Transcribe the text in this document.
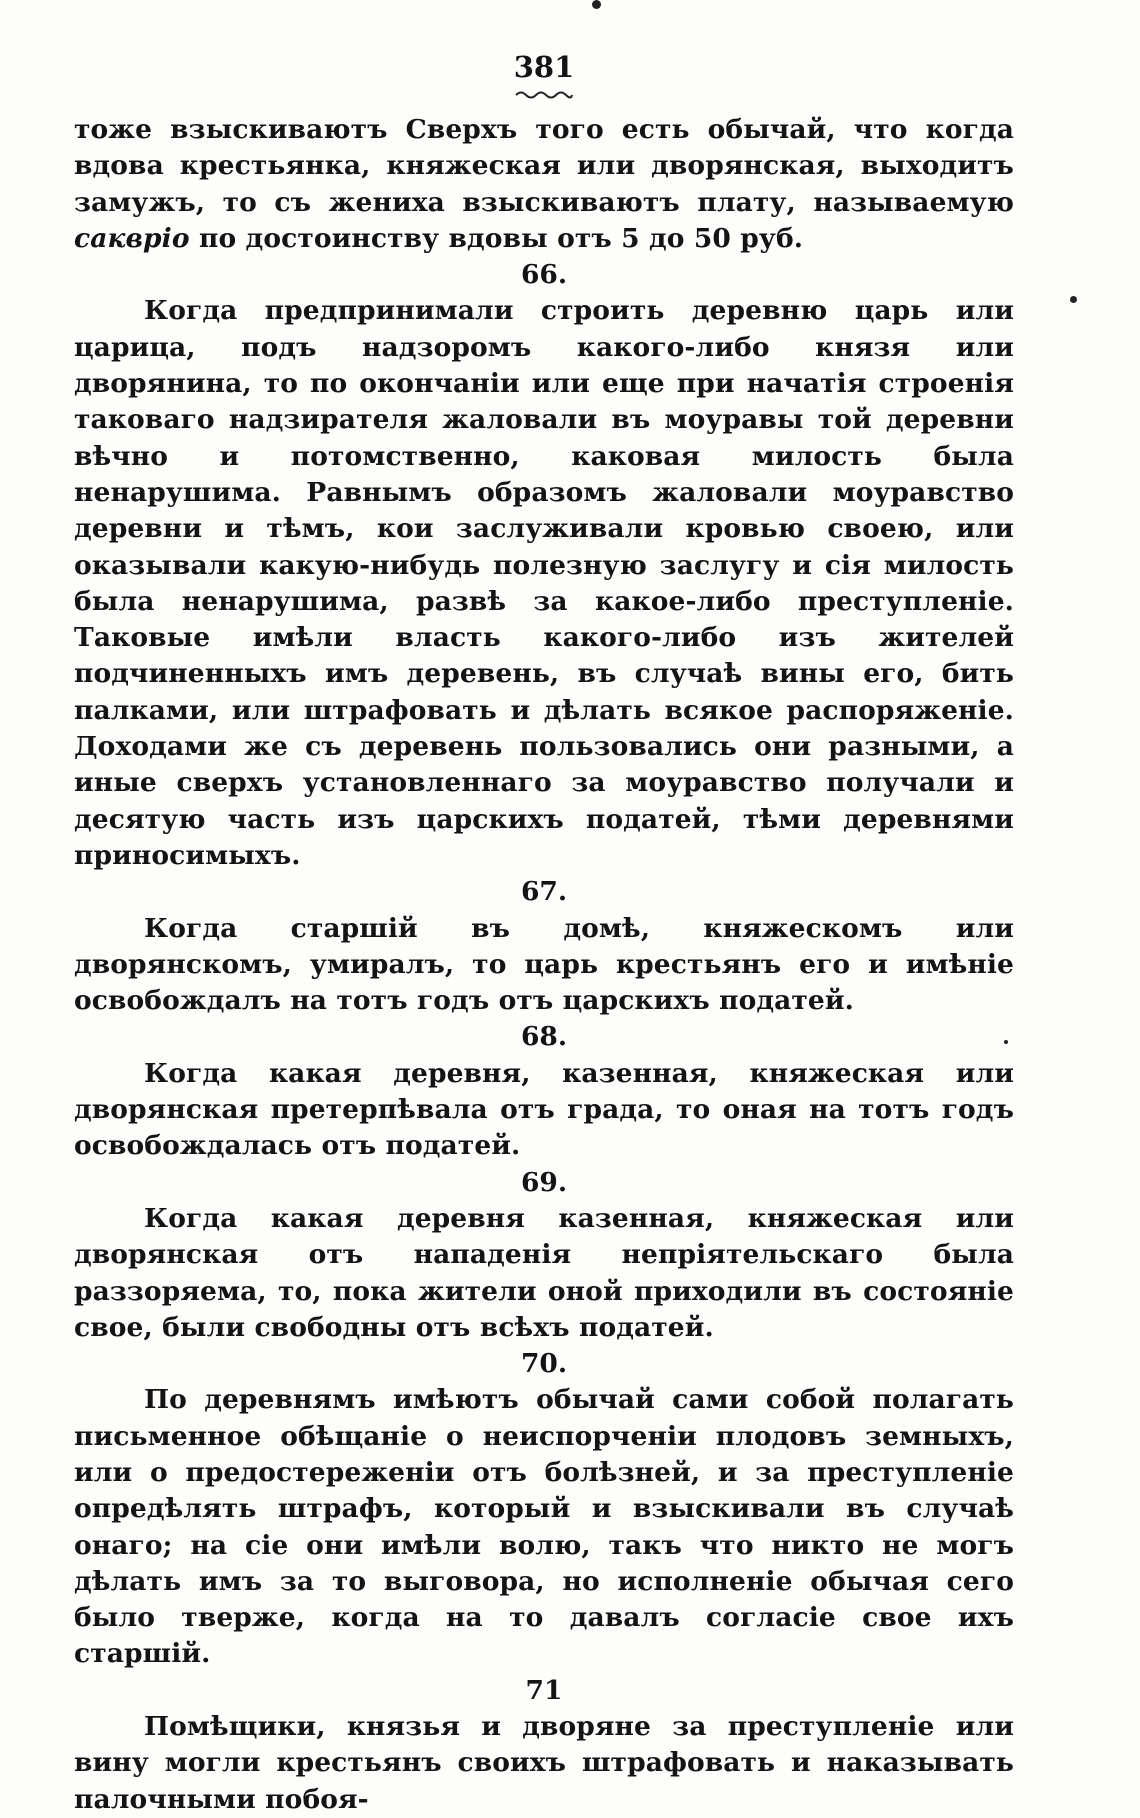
381

тоже взыскиваютъ Сверхъ того есть обычай, что когда вдова крестьянка, княжеская или дворянская, выходитъ замужъ, то съ жениха взыскиваютъ плату, называемую сакврiо по достоинству вдовы отъ 5 до 50 руб.

66.

Когда предпринимали строить деревню царь или царица, подъ надзоромъ какого-либо князя или дворянина, то по окончанiи или еще при начатiя строенiя таковаго надзирателя жаловали въ моуравы той деревни вѣчно и потомственно, каковая милость была ненарушима. Равнымъ образомъ жаловали моуравство деревни и тѣмъ, кои заслуживали кровью своею, или оказывали какую-нибудь полезную заслугу и сiя милость была ненарушима, развѣ за какое-либо преступленiе. Таковые имѣли власть какого-либо изъ жителей подчиненныхъ имъ деревень, въ случаѣ вины его, бить палками, или штрафовать и дѣлать всякое распоряженiе. Доходами же съ деревень пользовались они разными, а иные сверхъ установленнаго за моуравство получали и десятую часть изъ царскихъ податей, тѣми деревнями приносимыхъ.

67.

Когда старшiй въ домѣ, княжескомъ или дворянскомъ, умиралъ, то царь крестьянъ его и имѣнiе освобождалъ на тотъ годъ отъ царскихъ податей.

68.

Когда какая деревня, казенная, княжеская или дворянская претерпѣвала отъ града, то оная на тотъ годъ освобождалась отъ податей.

69.

Когда какая деревня казенная, княжеская или дворянская отъ нападенiя непрiятельскаго была раззоряема, то, пока жители оной приходили въ состоянiе свое, были свободны отъ всѣхъ податей.

70.

По деревнямъ имѣютъ обычай сами собой полагать письменное обѣщанiе о неиспорченiи плодовъ земныхъ, или о предостереженiи отъ болѣзней, и за преступленiе опредѣлять штрафъ, который и взыскивали въ случаѣ онаго; на сiе они имѣли волю, такъ что никто не могъ дѣлать имъ за то выговора, но исполненiе обычая сего было тверже, когда на то давалъ согласiе свое ихъ старшiй.

71

Помѣщики, князья и дворяне за преступленiе или вину могли крестьянъ своихъ штрафовать и наказывать палочными побоя-
